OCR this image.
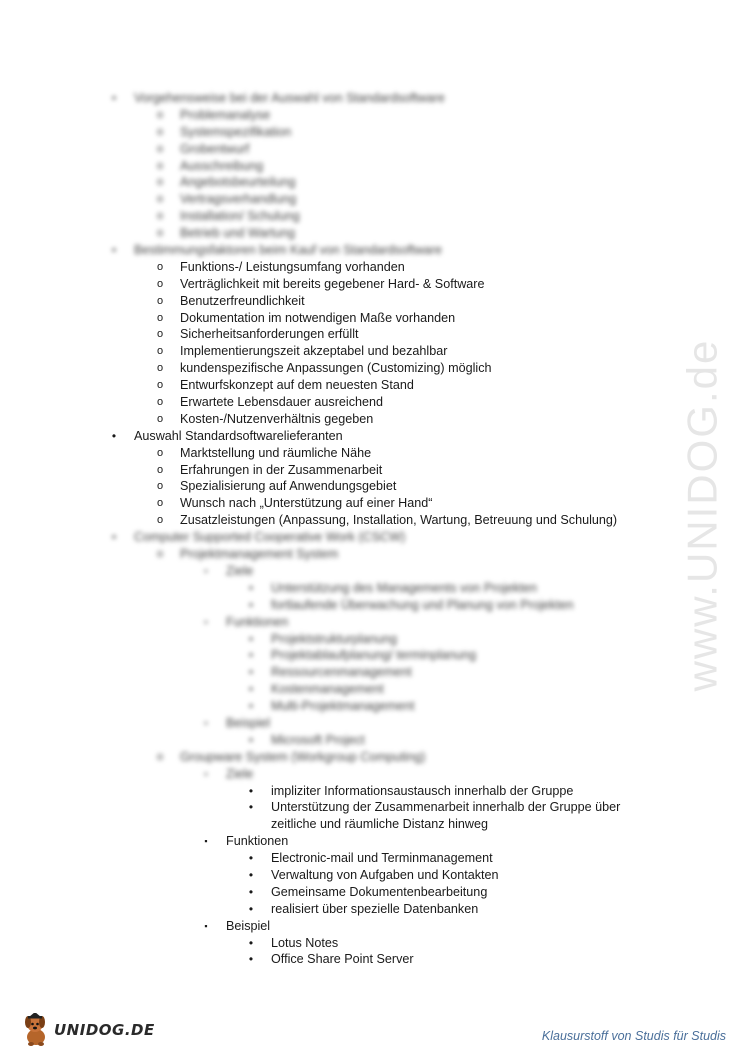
•	Vorgehensweise bei der Auswahl von Standardsoftware
o	Problemanalyse
o	Systemspezifikation
o	Grobentwurf
o	Ausschreibung
o	Angebotsbeurteilung
o	Vertragsverhandlung
o	Installation/ Schulung
o	Betrieb und Wartung
•	Bestimmungsfaktoren beim Kauf von Standardsoftware
o	Funktions-/ Leistungsumfang vorhanden
o	Verträglichkeit mit bereits gegebener Hard- & Software
o	Benutzerfreundlichkeit
o	Dokumentation im notwendigen Maße vorhanden
o	Sicherheitsanforderungen erfüllt
o	Implementierungszeit akzeptabel und bezahlbar
o	kundenspezifische Anpassungen (Customizing) möglich
o	Entwurfskonzept auf dem neuesten Stand
o	Erwartete Lebensdauer ausreichend
o	Kosten-/Nutzenverhältnis gegeben
•	Auswahl Standardsoftwarelieferanten
o	Marktstellung und räumliche Nähe
o	Erfahrungen in der Zusammenarbeit
o	Spezialisierung auf Anwendungsgebiet
o	Wunsch nach „Unterstützung auf einer Hand“
o	Zusatzleistungen (Anpassung, Installation, Wartung, Betreuung und Schulung)
•	Computer Supported Cooperative Work (CSCW)
o	Projektmanagement System
▪	Ziele
•	Unterstützung des Managements von Projekten
•	fortlaufende Überwachung und Planung von Projekten
▪	Funktionen
•	Projektstrukturplanung
•	Projektablaufplanung/ terminplanung
•	Ressourcenmanagement
•	Kostenmanagement
•	Multi-Projektmanagement
▪	Beispiel
•	Microsoft Project
o	Groupware System (Workgroup Computing)
▪	Ziele
•	impliziter Informationsaustausch innerhalb der Gruppe
•	Unterstützung der Zusammenarbeit innerhalb der Gruppe über
zeitliche und räumliche Distanz hinweg
▪	Funktionen
•	Electronic-mail und Terminmanagement
•	Verwaltung von Aufgaben und Kontakten
•	Gemeinsame Dokumentenbearbeitung
•	realisiert über spezielle Datenbanken
▪	Beispiel
•	Lotus Notes
•	Office Share Point Server
www.UNIDOG.de
UNIDOG.DE	Klausurstoff von Studis für Studis
